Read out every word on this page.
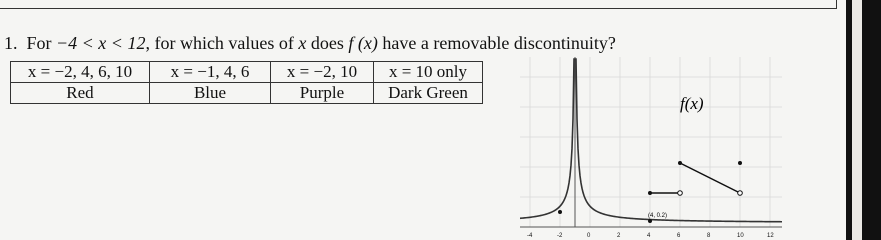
1. For −4 < x < 12, for which values of x does f (x) have a removable discontinuity?
x = −2, 4, 6, 10	x = −1, 4, 6	x = −2, 10	x = 10 only
Red	Blue	Purple	Dark Green
f(x)
(4, 0.2)
-4	-2	0	2	4	6	8	10	12
